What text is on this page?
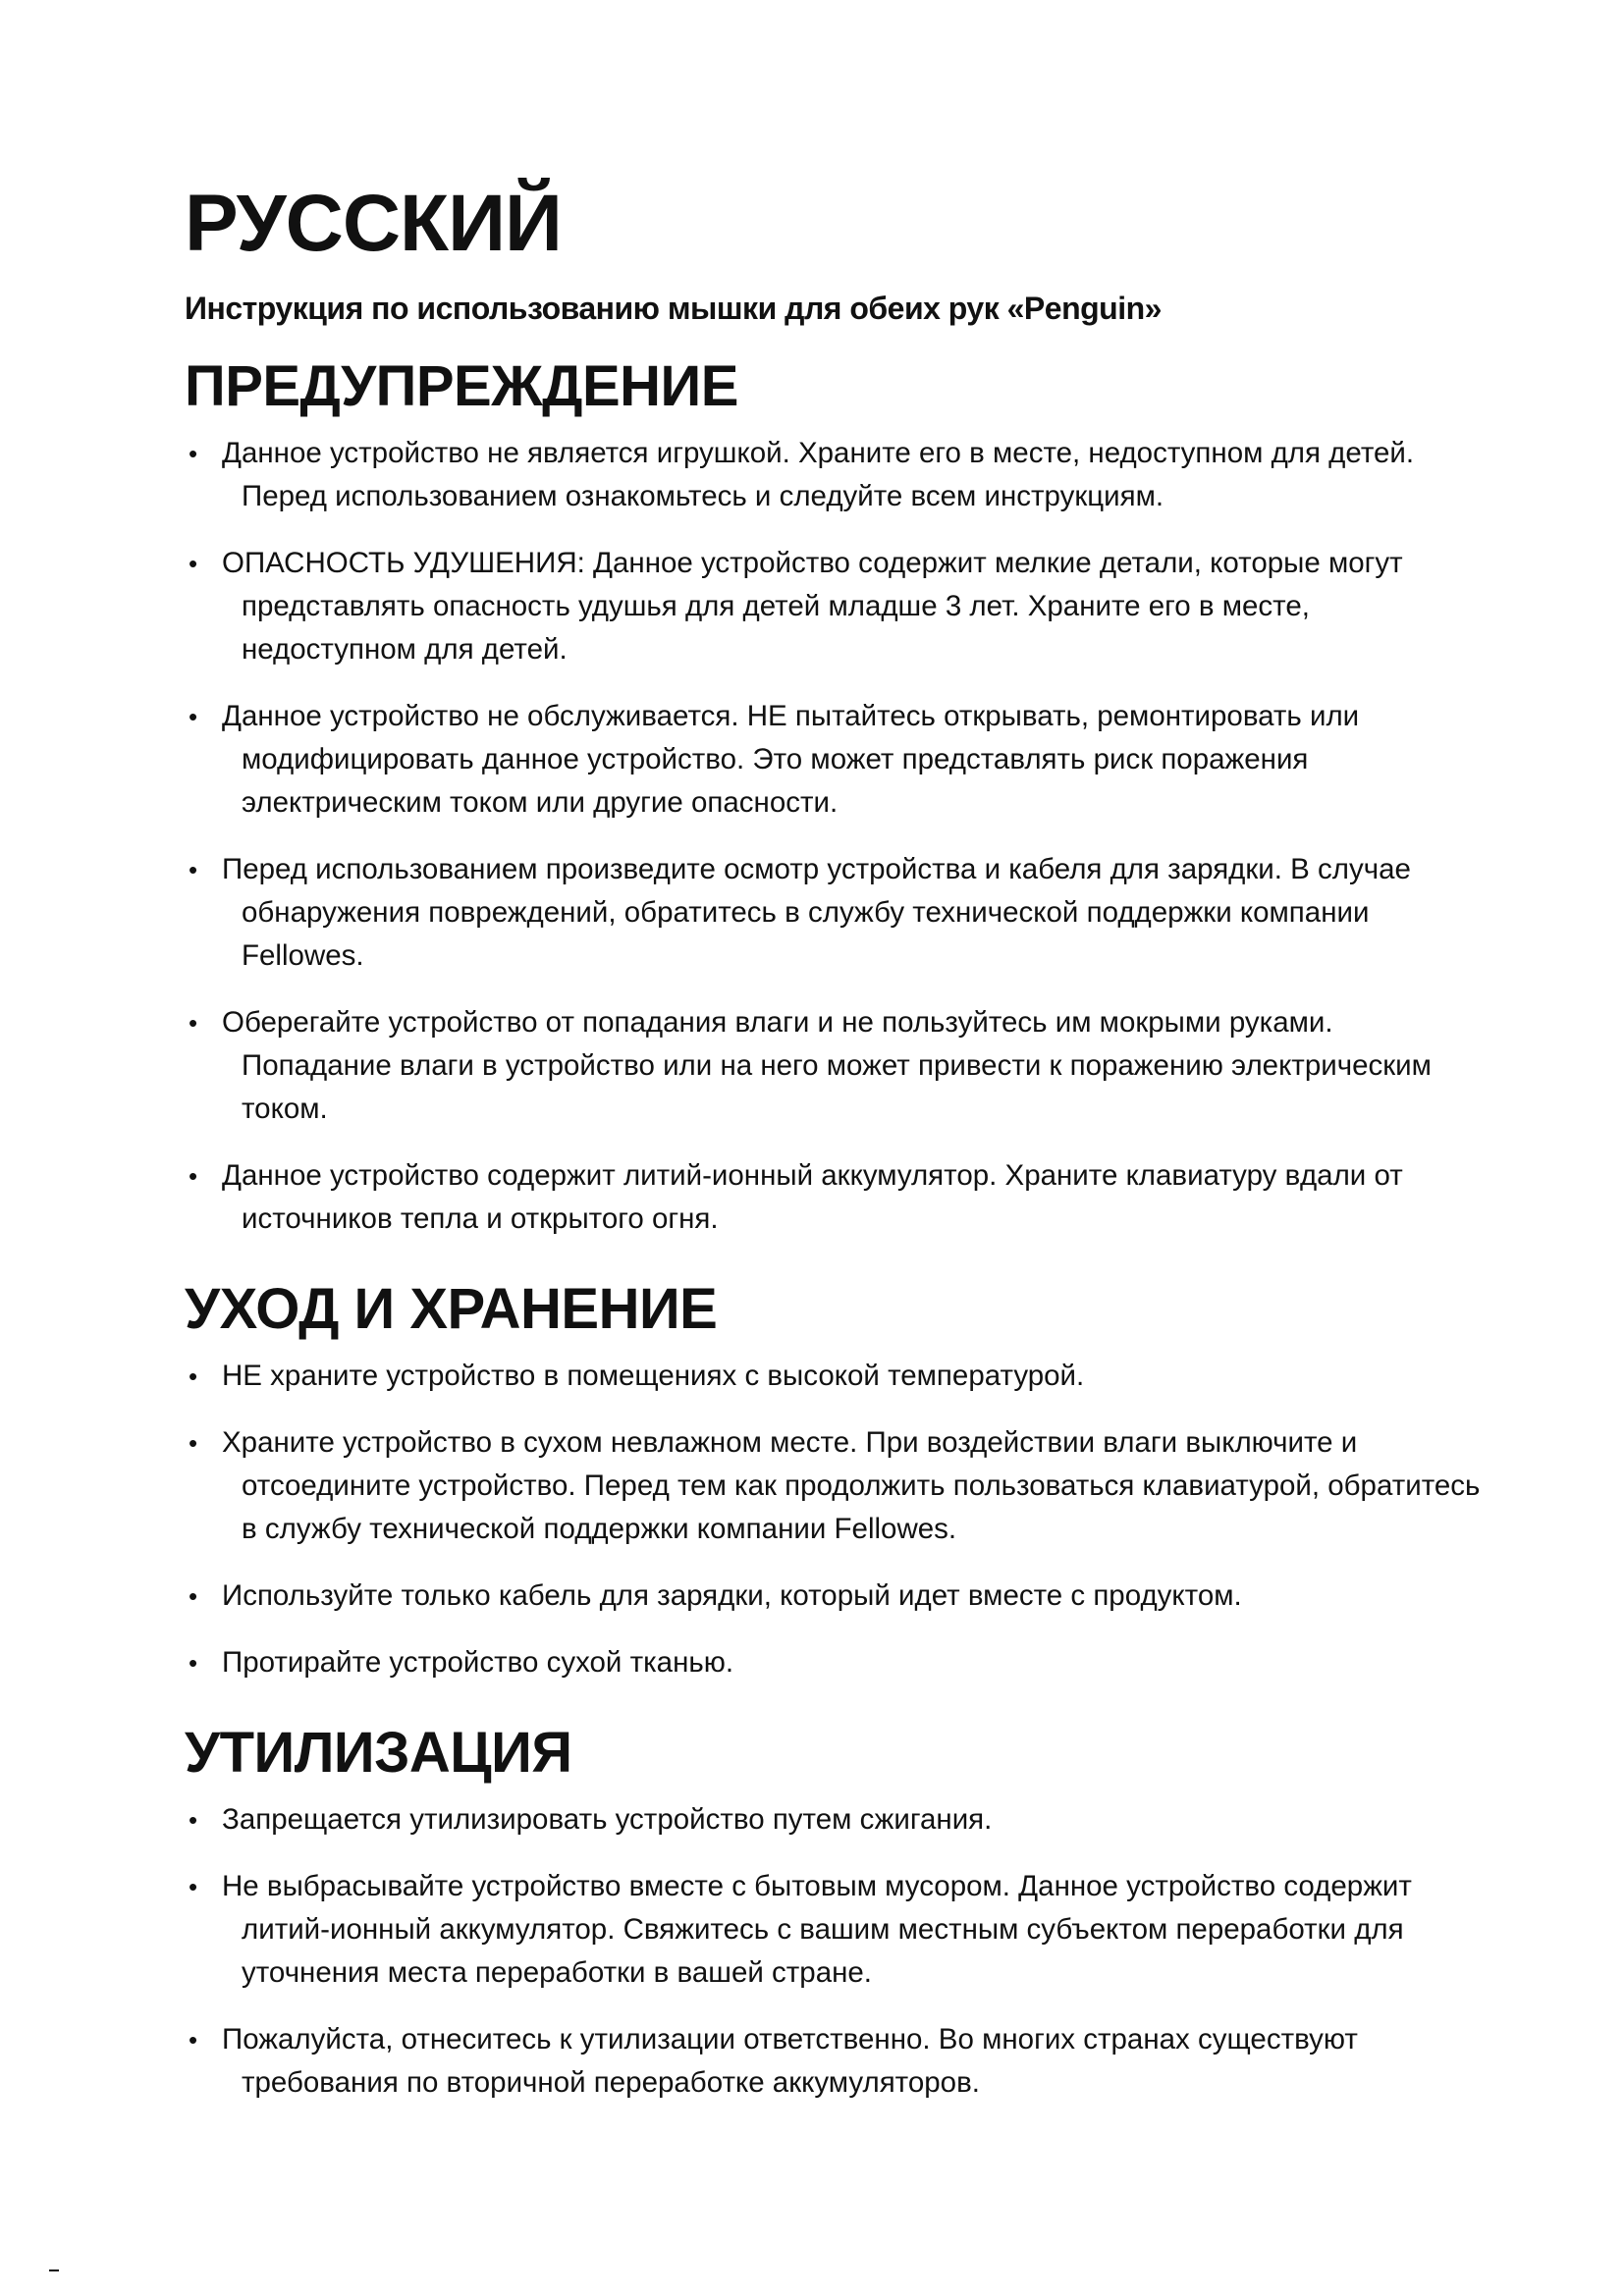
РУССКИЙ
Инструкция по использованию мышки для обеих рук «Penguin»
ПРЕДУПРЕЖДЕНИЕ
• Данное устройство не является игрушкой. Храните его в месте, недоступном для детей. Перед использованием ознакомьтесь и следуйте всем инструкциям.
• ОПАСНОСТЬ УДУШЕНИЯ: Данное устройство содержит мелкие детали, которые могут представлять опасность удушья для детей младше 3 лет. Храните его в месте, недоступном для детей.
• Данное устройство не обслуживается. НЕ пытайтесь открывать, ремонтировать или модифицировать данное устройство. Это может представлять риск поражения электрическим током или другие опасности.
• Перед использованием произведите осмотр устройства и кабеля для зарядки. В случае обнаружения повреждений, обратитесь в службу технической поддержки компании Fellowes.
• Оберегайте устройство от попадания влаги и не пользуйтесь им мокрыми руками. Попадание влаги в устройство или на него может привести к поражению электрическим током.
• Данное устройство содержит литий-ионный аккумулятор. Храните клавиатуру вдали от источников тепла и открытого огня.
УХОД И ХРАНЕНИЕ
• НЕ храните устройство в помещениях с высокой температурой.
• Храните устройство в сухом невлажном месте. При воздействии влаги выключите и отсоедините устройство. Перед тем как продолжить пользоваться клавиатурой, обратитесь в службу технической поддержки компании Fellowes.
• Используйте только кабель для зарядки, который идет вместе с продуктом.
• Протирайте устройство сухой тканью.
УТИЛИЗАЦИЯ
• Запрещается утилизировать устройство путем сжигания.
• Не выбрасывайте устройство вместе с бытовым мусором. Данное устройство содержит литий-ионный аккумулятор. Свяжитесь с вашим местным субъектом переработки для уточнения места переработки в вашей стране.
• Пожалуйста, отнеситесь к утилизации ответственно. Во многих странах существуют требования по вторичной переработке аккумуляторов.
